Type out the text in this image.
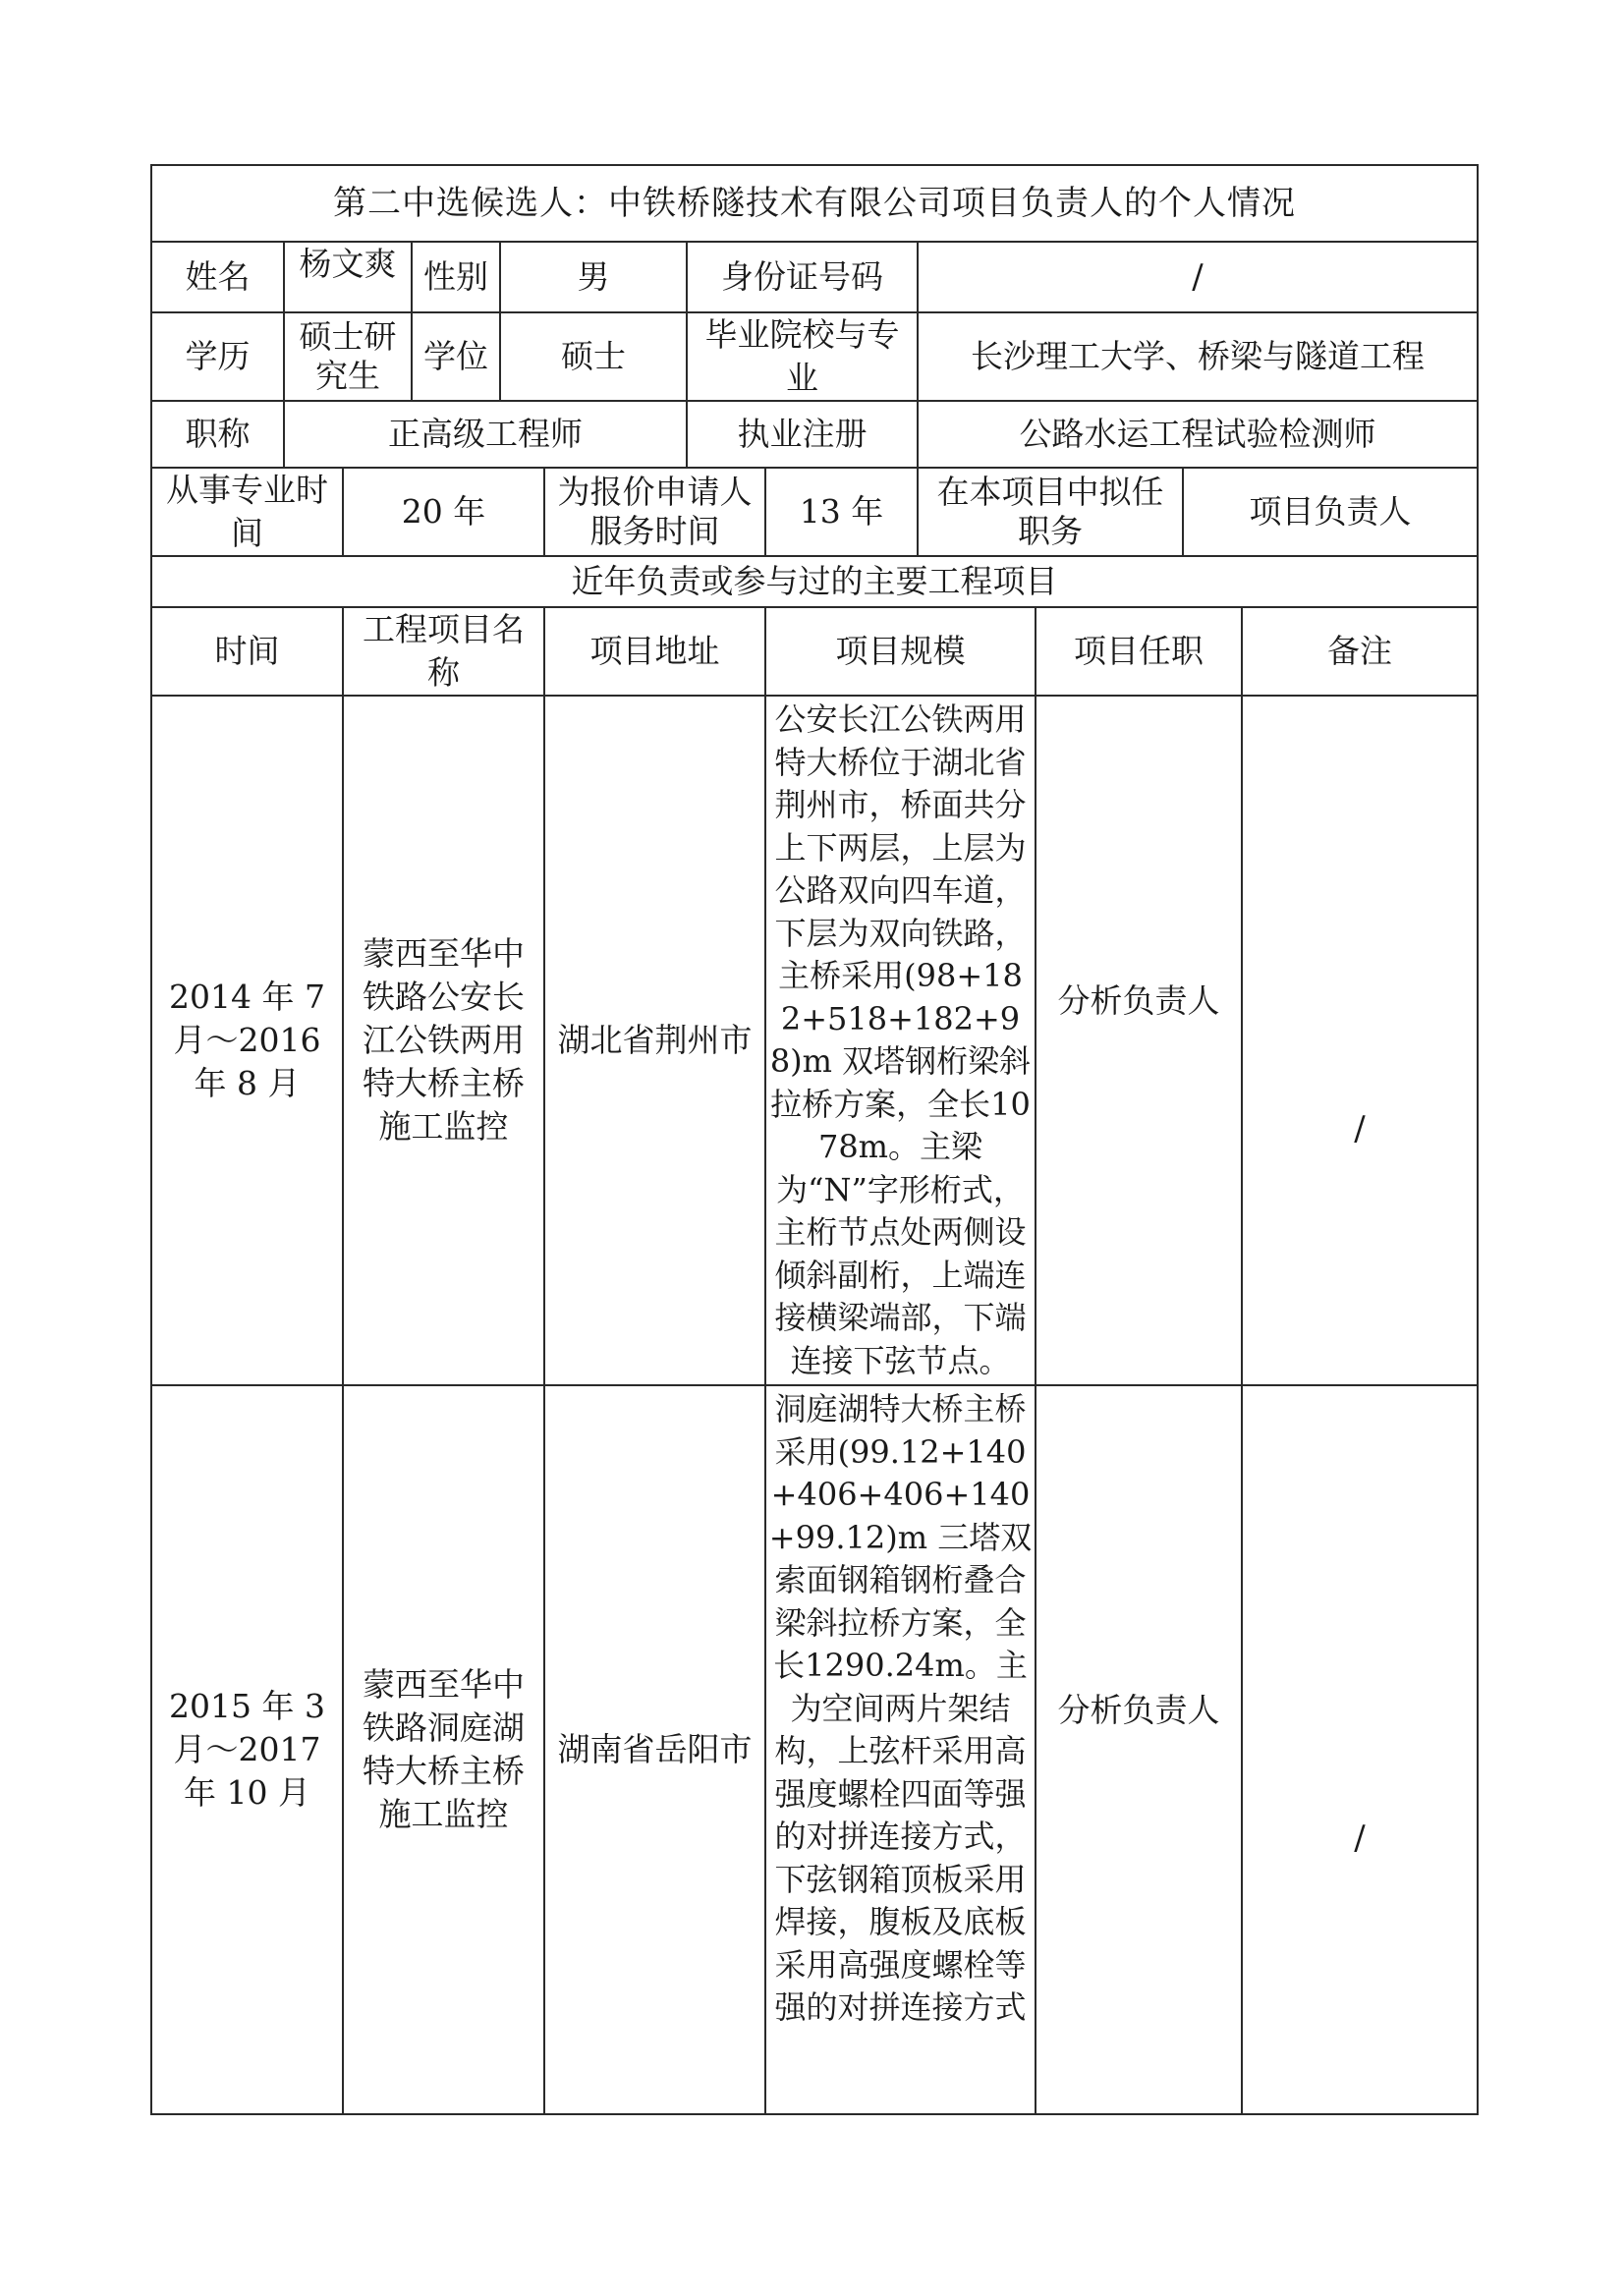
第二中选候选人：中铁桥隧技术有限公司项目负责人的个人情况											
姓名	杨文爽		性别	男		身份证号码		/			
学历	硕士研究生		学位	硕士		毕业院校与专业		长沙理工大学、桥梁与隧道工程			
职称	正高级工程师					执业注册		公路水运工程试验检测师			
从事专业时间		20 年			为报价申请人服务时间		13 年	在本项目中拟任职务		项目负责人	
近年负责或参与过的主要工程项目											
时间		工程项目名称			项目地址		项目规模		项目任职		备注
2014 年 7 月～2016 年 8 月		蒙西至华中铁路公安长江公铁两用特大桥主桥施工监控			湖北省荆州市		公安长江公铁两用特大桥位于湖北省荆州市，桥面共分上下两层，上层为公路双向四车道，下层为双向铁路，主桥采用(98+182+518+182+98)m 双塔钢桁梁斜拉桥方案，全长1078m。主梁为“N”字形桁式，主桁节点处两侧设倾斜副桁，上端连接横梁端部，下端连接下弦节点。		分析负责人		/
2015 年 3 月～2017 年 10 月		蒙西至华中铁路洞庭湖特大桥主桥施工监控			湖南省岳阳市		洞庭湖特大桥主桥采用(99.12+140+406+406+140+99.12)m 三塔双索面钢箱钢桁叠合梁斜拉桥方案，全长1290.24m。主为空间两片架结构，上弦杆采用高强度螺栓四面等强的对拼连接方式，下弦钢箱顶板采用焊接，腹板及底板采用高强度螺栓等强的对拼连接方式		分析负责人		/
